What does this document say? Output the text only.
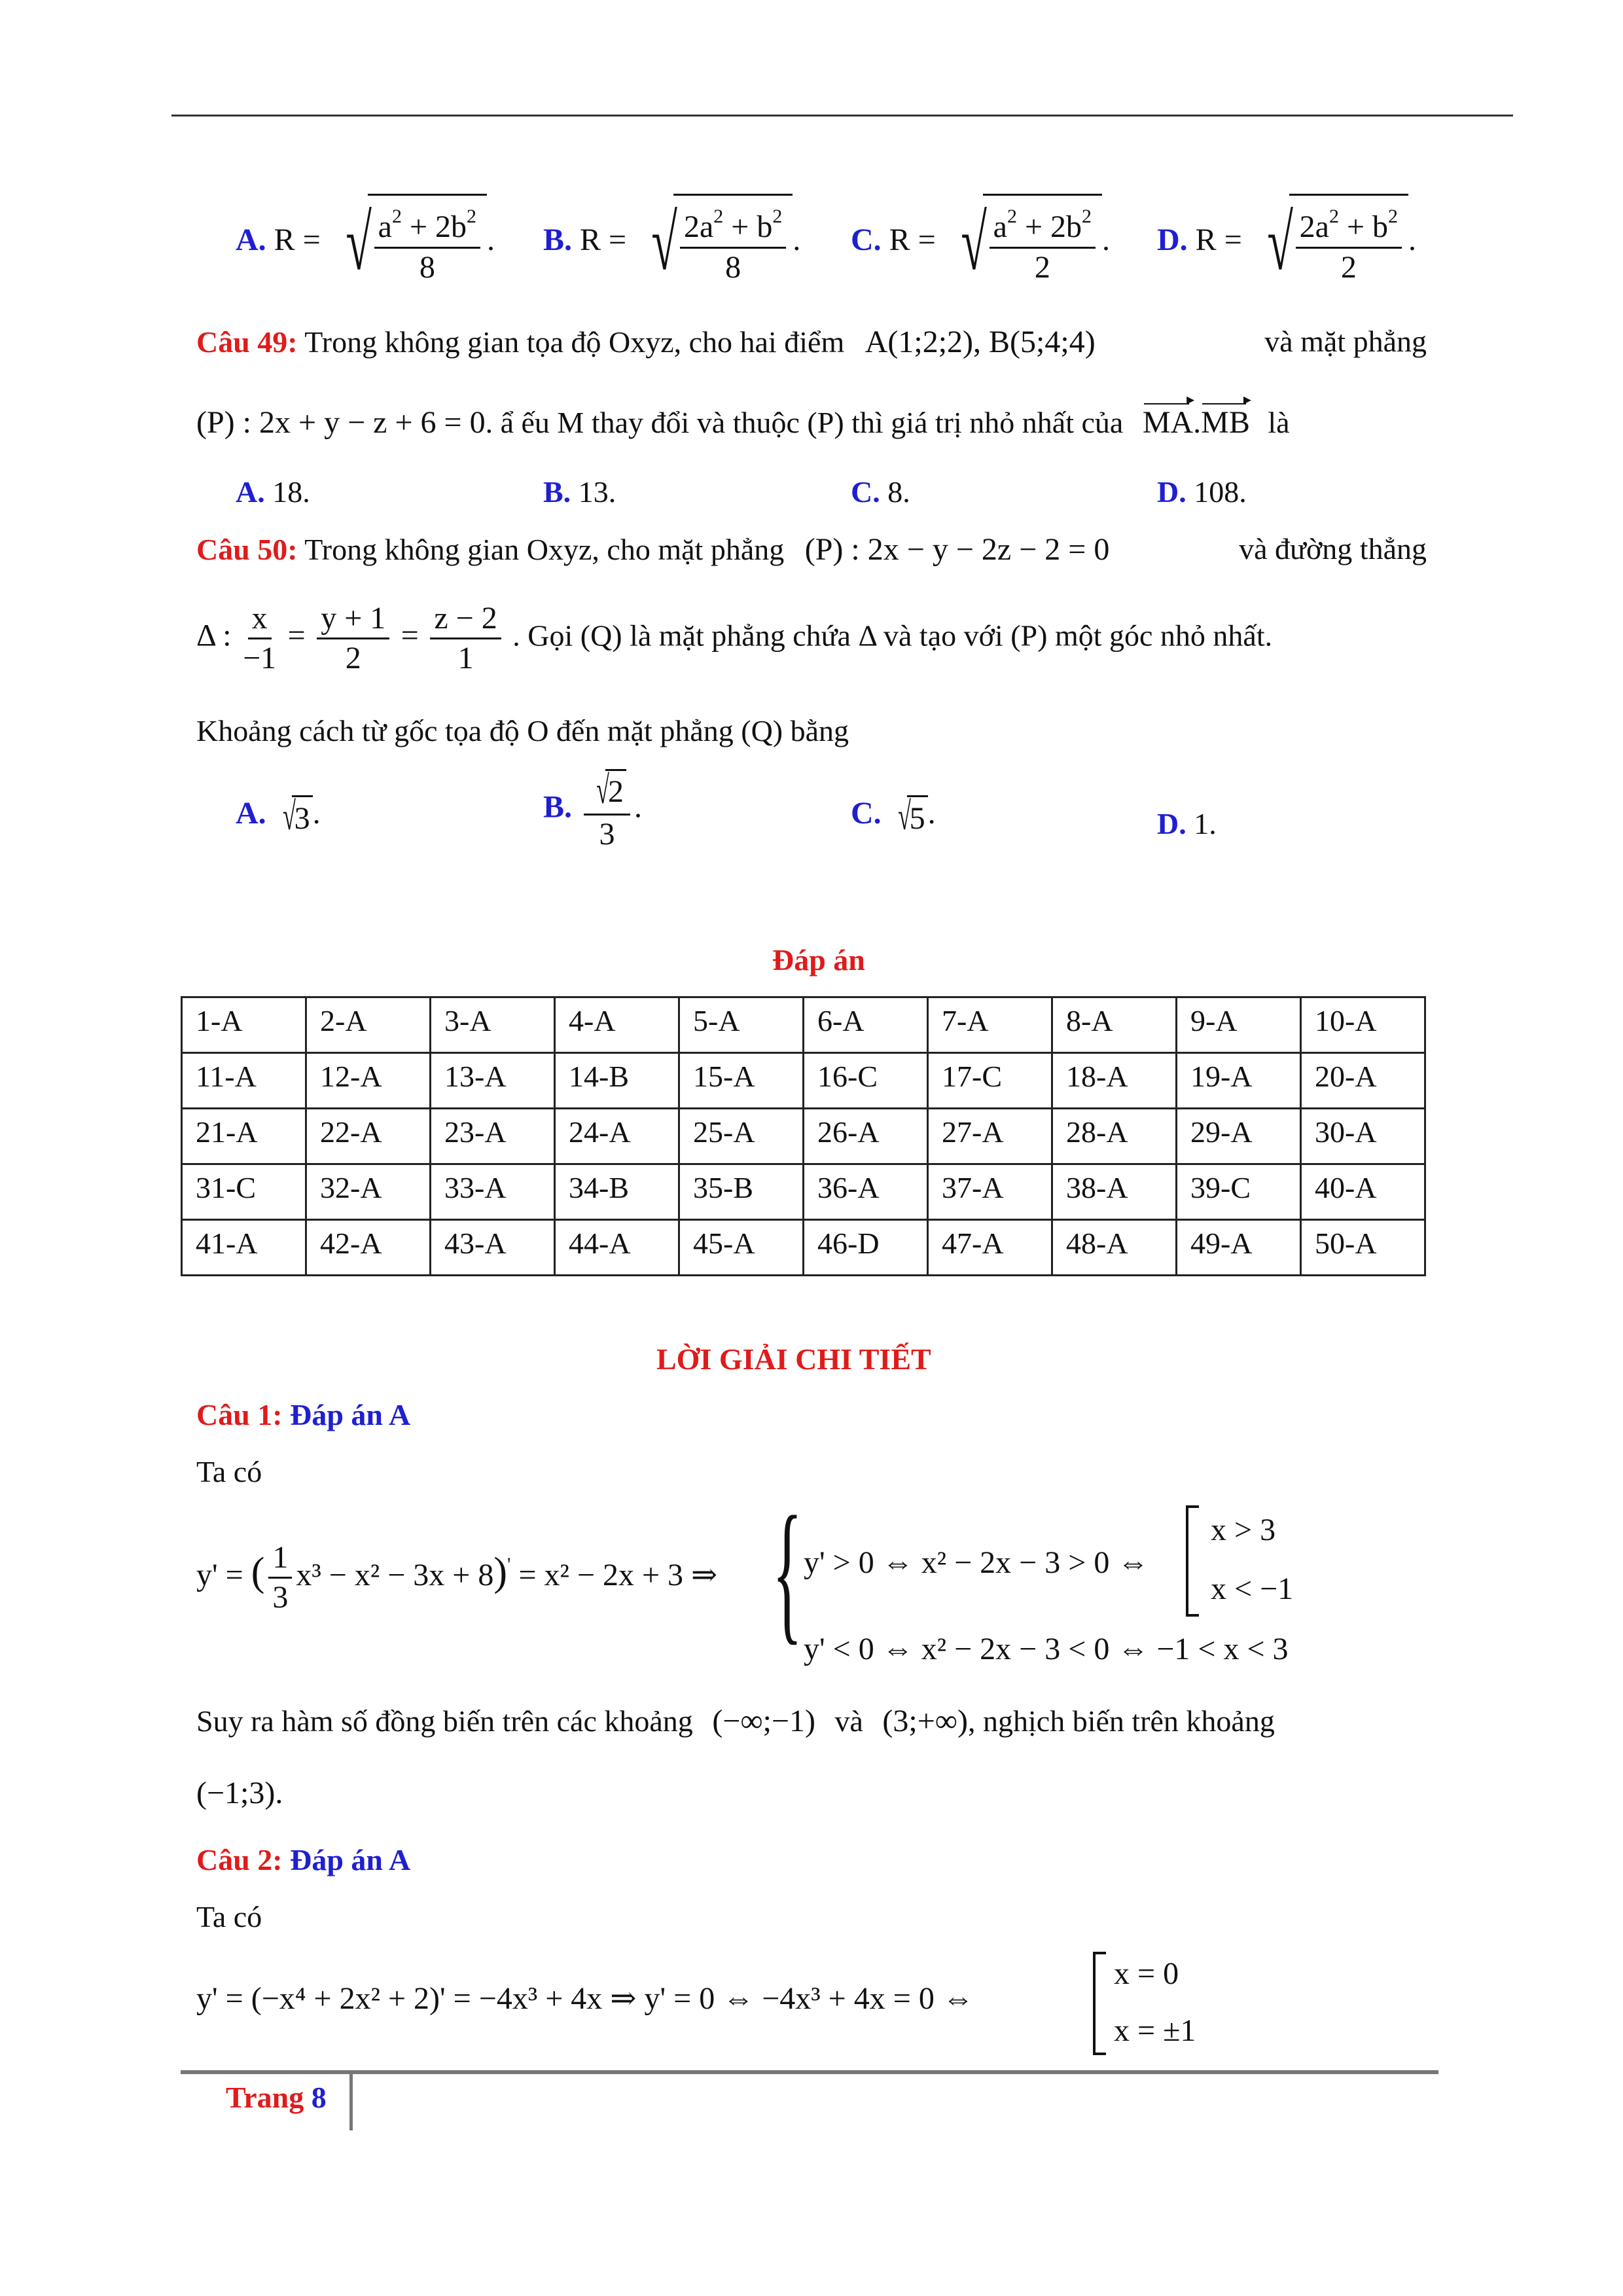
A. R = √ $\frac{a^2 + 2b^2}{8}$ . B. R = √ $\frac{2a^2 + b^2}{8}$ . C. R = √ $\frac{a^2 + 2b^2}{2}$ . D. R = √ $\frac{2a^2 + b^2}{2}$ .
Câu 49: Trong không gian tọa độ Oxyz, cho hai điểm A(1;2;2), B(5;4;4)	và mặt phẳng
(P) : 2x + y − z + 6 = 0. ẩ ếu M thay đổi và thuộc (P) thì giá trị nhỏ nhất của MA ▸.MB ▸ là
A. 18.	B. 13.	C. 8.	D. 108.
Câu 50: Trong không gian Oxyz, cho mặt phẳng (P) : 2x − y − 2z − 2 = 0	và đường thẳng
Δ : $\frac{x}{-1} = \frac{y + 1}{2} = \frac{z - 2}{1}$ . Gọi (Q) là mặt phẳng chứa Δ và tạo với (P) một góc nhỏ nhất.
Khoảng cách từ gốc tọa độ O đến mặt phẳng (Q) bằng
A. √
3 .	B. √
2
3 .	C. √
5 .	D. 1.
Đáp án
1-A	2-A	3-A	4-A	5-A	6-A	7-A	8-A	9-A	10-A
11-A	12-A	13-A	14-B	15-A	16-C	17-C	18-A	19-A	20-A
21-A	22-A	23-A	24-A	25-A	26-A	27-A	28-A	29-A	30-A
31-C	32-A	33-A	34-B	35-B	36-A	37-A	38-A	39-C	40-A
41-A	42-A	43-A	44-A	45-A	46-D	47-A	48-A	49-A	50-A
LỜI GIẢI CHI TIẾT
Câu 1: Đáp án A
Ta có
y' = ( $\frac{1}{3} x^3 - x^2 - 3x + 8)' = x^2 - 2x + 3$ ⇒ { y' > 0 ⇔ x² − 2x − 3 > 0 ⇔
x > 3
x < −1
y' < 0 ⇔ x² − 2x − 3 < 0 ⇔ −1 < x < 3
Suy ra hàm số đồng biến trên các khoảng (−∞;−1) và (3;+∞), nghịch biến trên khoảng
(−1;3).
Câu 2: Đáp án A
Ta có
y' = (−x⁴ + 2x² + 2)' = −4x³ + 4x ⇒ y' = 0 ⇔ −4x³ + 4x = 0 ⇔
x = 0
x = ±1
Trang 8
